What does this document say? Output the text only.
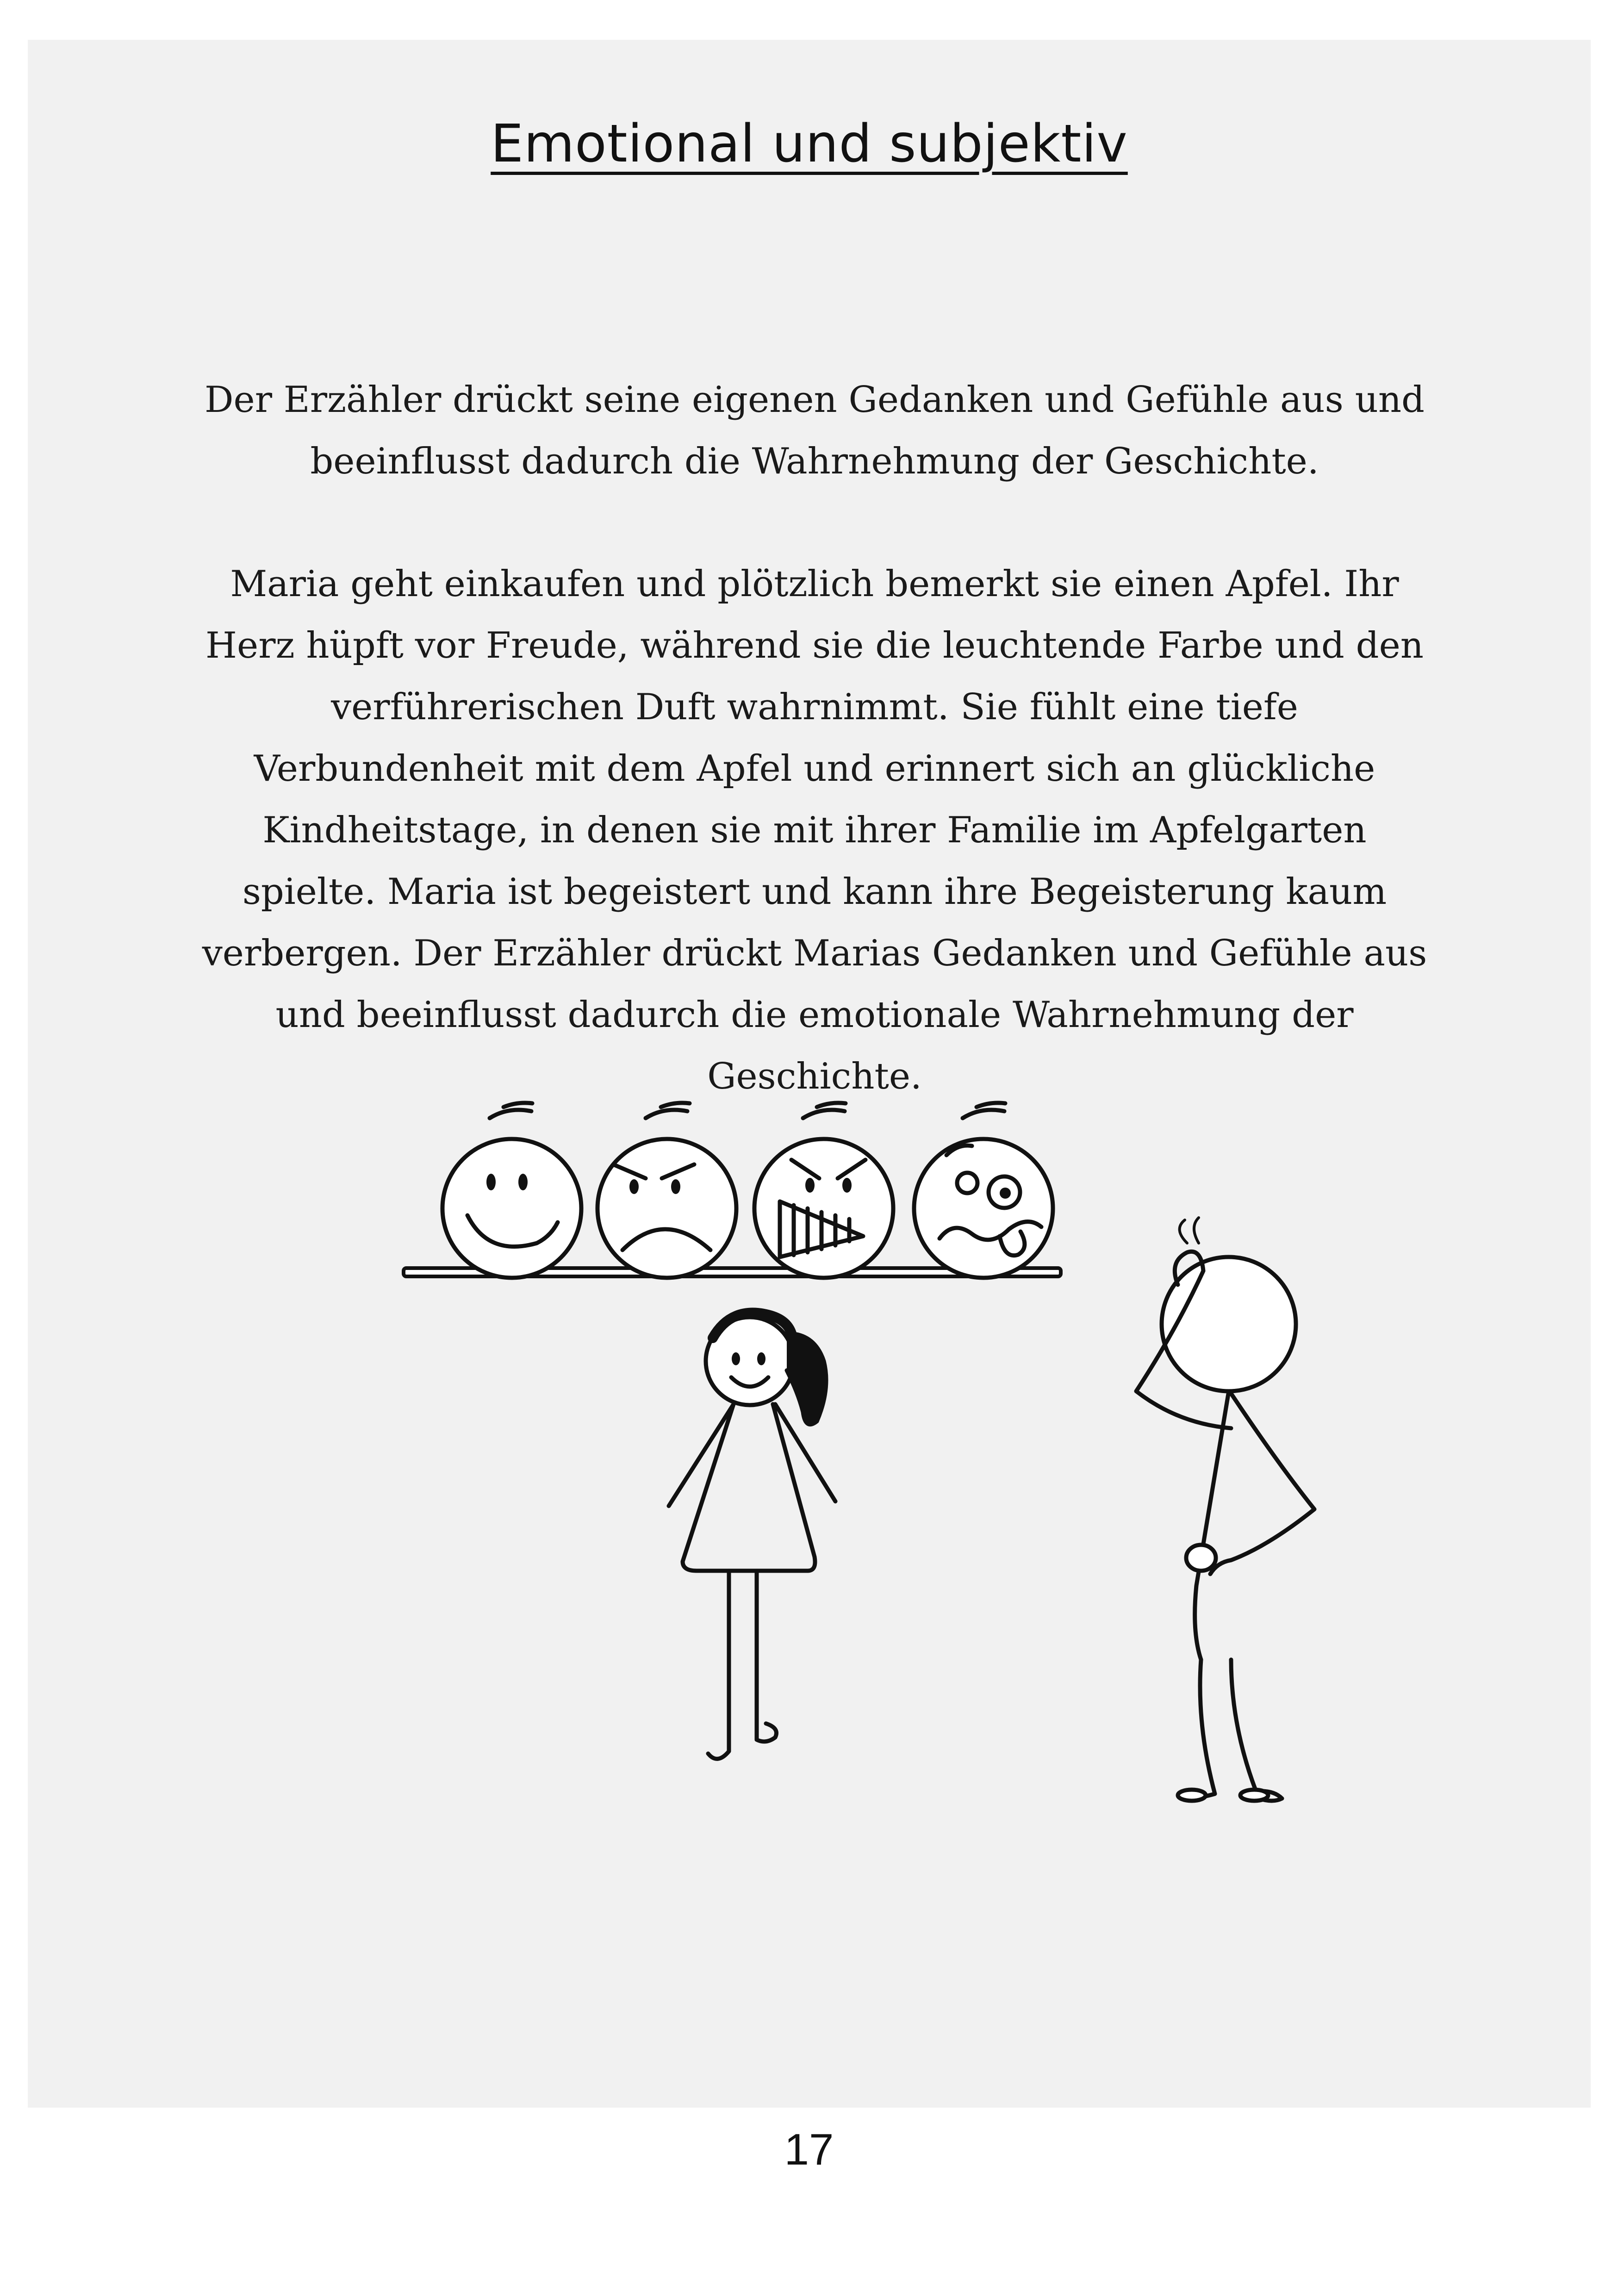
Emotional und subjektiv

Der Erzähler drückt seine eigenen Gedanken und Gefühle aus und beeinflusst dadurch die Wahrnehmung der Geschichte.

Maria geht einkaufen und plötzlich bemerkt sie einen Apfel. Ihr Herz hüpft vor Freude, während sie die leuchtende Farbe und den verführerischen Duft wahrnimmt. Sie fühlt eine tiefe Verbundenheit mit dem Apfel und erinnert sich an glückliche Kindheitstage, in denen sie mit ihrer Familie im Apfelgarten spielte. Maria ist begeistert und kann ihre Begeisterung kaum verbergen. Der Erzähler drückt Marias Gedanken und Gefühle aus und beeinflusst dadurch die emotionale Wahrnehmung der Geschichte.

17
